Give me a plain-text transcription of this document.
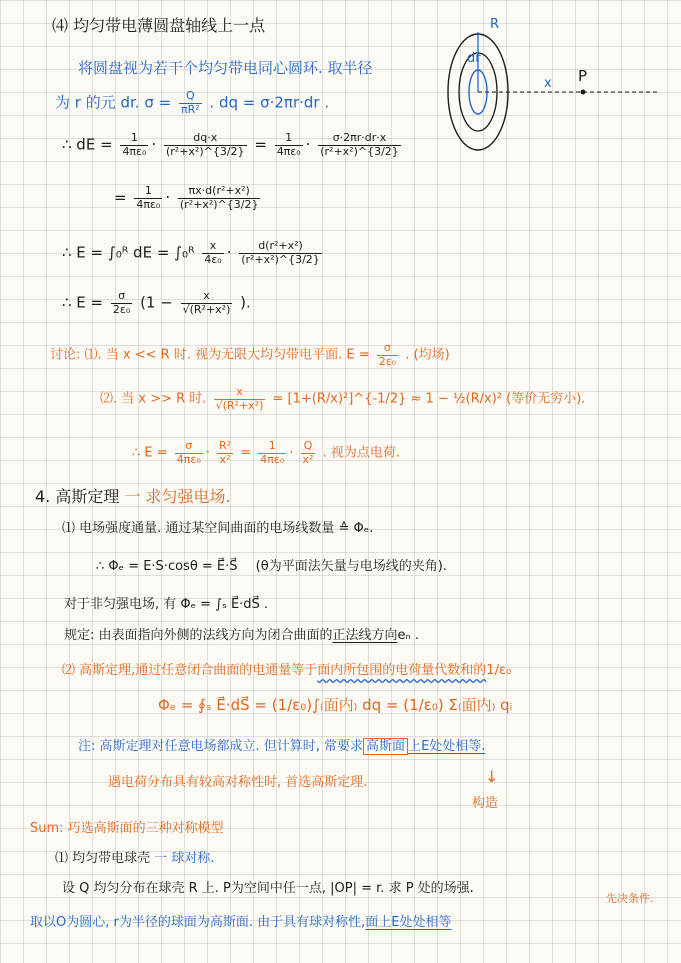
R
dr
x P
⑷ 均匀带电薄圆盘轴线上一点
将圆盘视为若干个均匀带电同心圆环. 取半径
为 r 的元 dr. $\sigma = \frac{Q}{\text{πR²}}$ . dq = σ·2πr·dr .
∴ dE = $\frac{1}{\text{4πε₀}} \cdot \frac{dq\cdot x}{\text{(r²+x²)\textasciicircum{}\{3/2\}}} = \frac{1}{\text{4πε₀}} \cdot \frac{\sigma\cdot 2\pi r\cdot dr\cdot x}{\text{(r²+x²)\textasciicircum{}\{3/2\}}}$
= $\frac{1}{\text{4πε₀}} \cdot \frac{\text{πx·d(r²+x²)}}{\text{(r²+x²)\textasciicircum{}\{3/2\}}}$
∴ E = ∫₀ᴿ dE = ∫₀ᴿ $\frac{x}{\text{4ε₀}} \cdot \frac{\text{d(r²+x²)}}{\text{(r²+x²)\textasciicircum{}\{3/2\}}}$
∴ $E = \frac{\sigma}{\text{2ε₀}} (1 - \frac{x}{\text{√(R²+x²)}}$ ).
讨论: ⑴. 当 x << R 时. 视为无限大均匀带电平面. $E = \frac{\sigma}{\text{2ε₀}}$ . (均场)
⑵. 当 x >> R 时. $\frac{x}{\text{√(R²+x²)}}$ = [1+(R/x)²]^{-1/2} ≈ 1 − ½(R/x)² (等价无穷小).
∴ $E = \frac{\sigma}{\text{4πε₀}} \cdot \frac{\text{R²}}{\text{x²}} = \frac{1}{\text{4πε₀}} \cdot \frac{Q}{\text{x²}}$ . 视为点电荷.
4. 高斯定理 一 求匀强电场.
⑴ 电场强度通量. 通过某空间曲面的电场线数量 ≙ Φₑ.
∴ Φₑ = E·S·cosθ = E⃗·S⃗ (θ为平面法矢量与电场线的夹角).
对于非匀强电场, 有 Φₑ = ∫ₛ E⃗·dS⃗ .
规定: 由表面指向外侧的法线方向为闭合曲面的正法线方向eₙ .
⑵ 高斯定理,通过任意闭合曲面的电通量等于面内所包围的电荷量代数和的1/ε₀
Φₑ = ∮ₛ E⃗·dS⃗ = (1/ε₀)∫₍面内₎ dq = (1/ε₀) Σ₍面内₎ qᵢ
注: 高斯定理对任意电场都成立. 但计算时, 常要求 高斯面 上E处处相等.
↓
构造
遇电荷分布具有较高对称性时, 首选高斯定理.
Sum: 巧选高斯面的三种对称模型
⑴ 均匀带电球壳 一 球对称.
设 Q 均匀分布在球壳 R 上. P为空间中任一点, |OP| = r. 求 P 处的场强.
先决条件.
取以O为圆心, r为半径的球面为高斯面. 由于具有球对称性,面上E处处相等
